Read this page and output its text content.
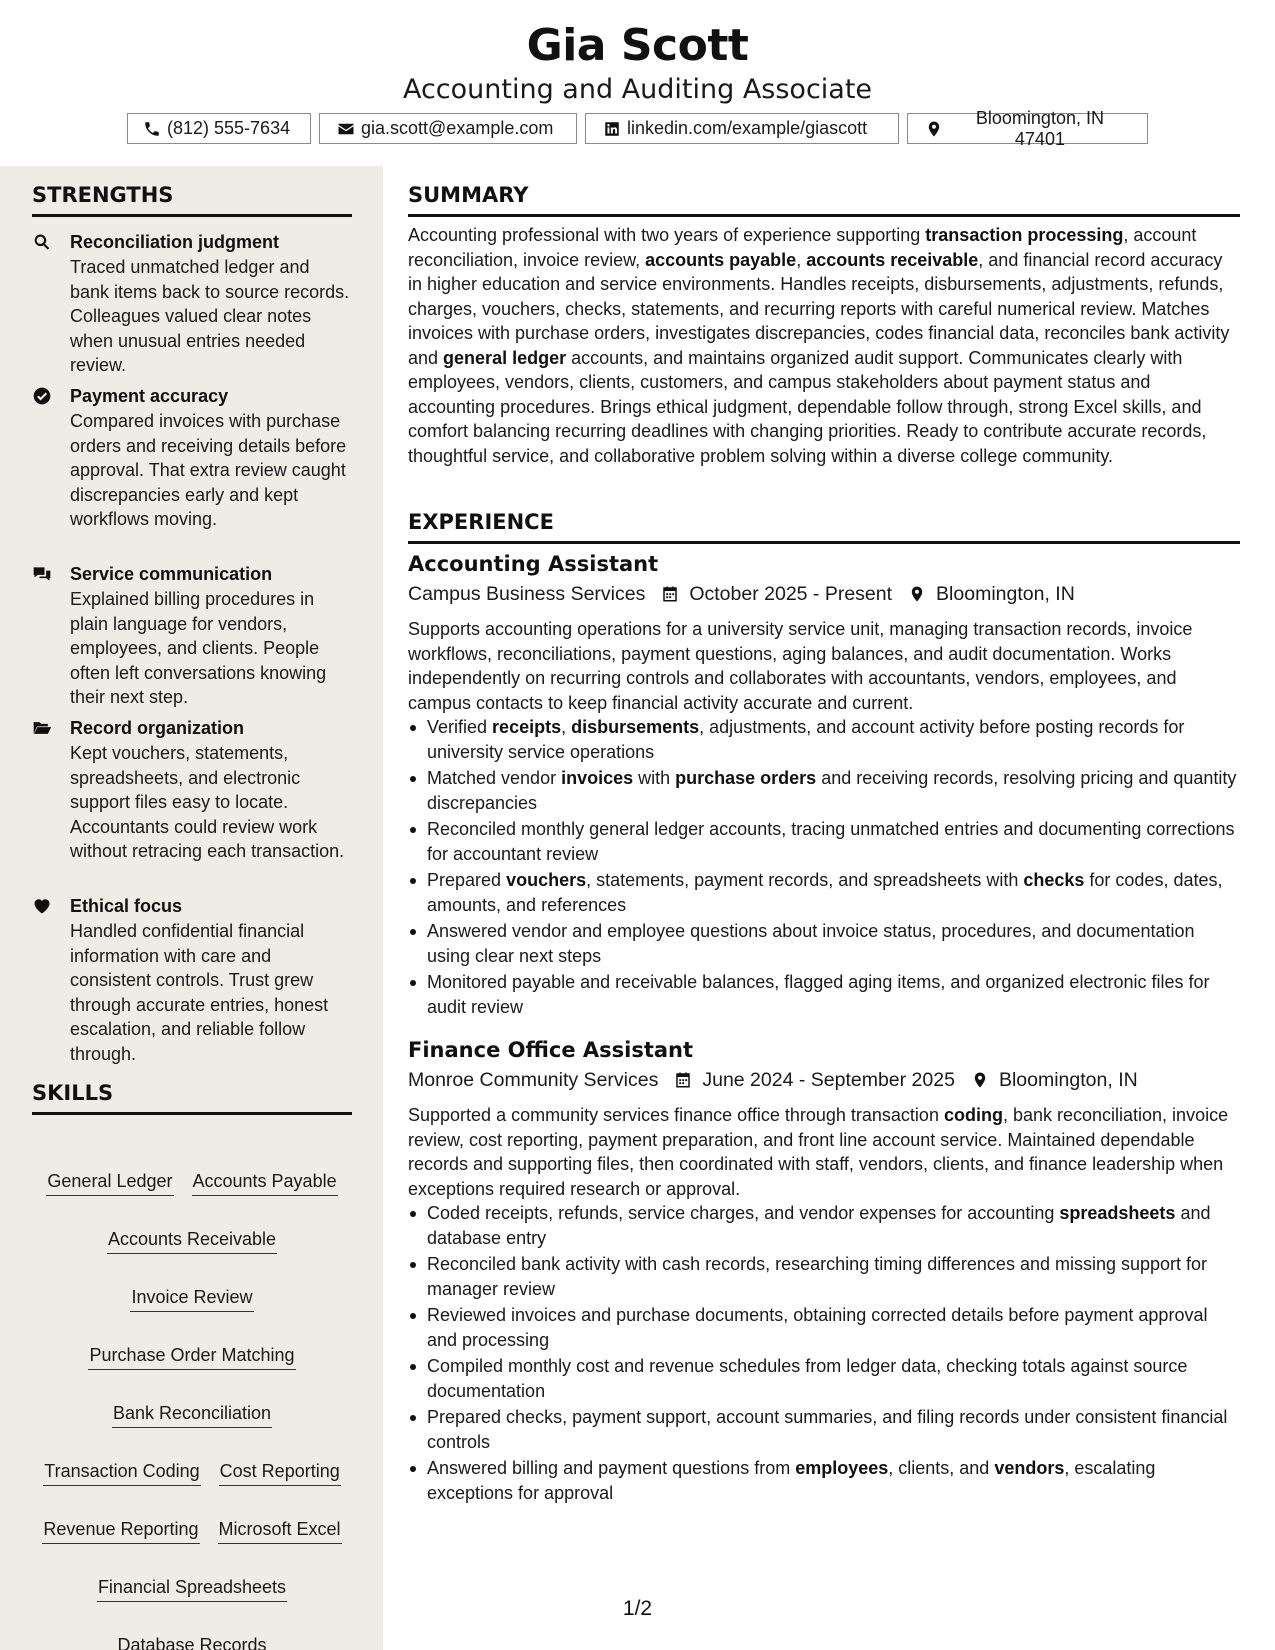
Gia Scott
Accounting and Auditing Associate
(812) 555-7634	gia.scott@example.com	linkedin.com/example/giascott
Bloomington, IN 47401
STRENGTHS
Reconciliation judgment
Traced unmatched ledger and bank items back to source records. Colleagues valued clear notes when unusual entries needed review.
Payment accuracy
Compared invoices with purchase orders and receiving details before approval. That extra review caught discrepancies early and kept workflows moving.
Service communication
Explained billing procedures in plain language for vendors, employees, and clients. People often left conversations knowing their next step.
Record organization
Kept vouchers, statements, spreadsheets, and electronic support files easy to locate. Accountants could review work without retracing each transaction.
Ethical focus
Handled confidential financial information with care and consistent controls. Trust grew through accurate entries, honest escalation, and reliable follow through.
SKILLS
General Ledger Accounts Payable
Accounts Receivable
Invoice Review
Purchase Order Matching
Bank Reconciliation
Transaction Coding Cost Reporting
Revenue Reporting Microsoft Excel
Financial Spreadsheets
Database Records
SUMMARY
Accounting professional with two years of experience supporting transaction processing, account reconciliation, invoice review, accounts payable, accounts receivable, and financial record accuracy in higher education and service environments. Handles receipts, disbursements, adjustments, refunds, charges, vouchers, checks, statements, and recurring reports with careful numerical review. Matches invoices with purchase orders, investigates discrepancies, codes financial data, reconciles bank activity and general ledger accounts, and maintains organized audit support. Communicates clearly with employees, vendors, clients, customers, and campus stakeholders about payment status and accounting procedures. Brings ethical judgment, dependable follow through, strong Excel skills, and comfort balancing recurring deadlines with changing priorities. Ready to contribute accurate records, thoughtful service, and collaborative problem solving within a diverse college community.
EXPERIENCE
Accounting Assistant
Campus Business Services October 2025 - Present Bloomington, IN
Supports accounting operations for a university service unit, managing transaction records, invoice workflows, reconciliations, payment questions, aging balances, and audit documentation. Works independently on recurring controls and collaborates with accountants, vendors, employees, and campus contacts to keep financial activity accurate and current.
Verified receipts, disbursements, adjustments, and account activity before posting records for university service operations
Matched vendor invoices with purchase orders and receiving records, resolving pricing and quantity discrepancies
Reconciled monthly general ledger accounts, tracing unmatched entries and documenting corrections for accountant review
Prepared vouchers, statements, payment records, and spreadsheets with checks for codes, dates, amounts, and references
Answered vendor and employee questions about invoice status, procedures, and documentation using clear next steps
Monitored payable and receivable balances, flagged aging items, and organized electronic files for audit review
Finance Office Assistant
Monroe Community Services June 2024 - September 2025 Bloomington, IN
Supported a community services finance office through transaction coding, bank reconciliation, invoice review, cost reporting, payment preparation, and front line account service. Maintained dependable records and supporting files, then coordinated with staff, vendors, clients, and finance leadership when exceptions required research or approval.
Coded receipts, refunds, service charges, and vendor expenses for accounting spreadsheets and database entry
Reconciled bank activity with cash records, researching timing differences and missing support for manager review
Reviewed invoices and purchase documents, obtaining corrected details before payment approval and processing
Compiled monthly cost and revenue schedules from ledger data, checking totals against source documentation
Prepared checks, payment support, account summaries, and filing records under consistent financial controls
Answered billing and payment questions from employees, clients, and vendors, escalating exceptions for approval
1/2
